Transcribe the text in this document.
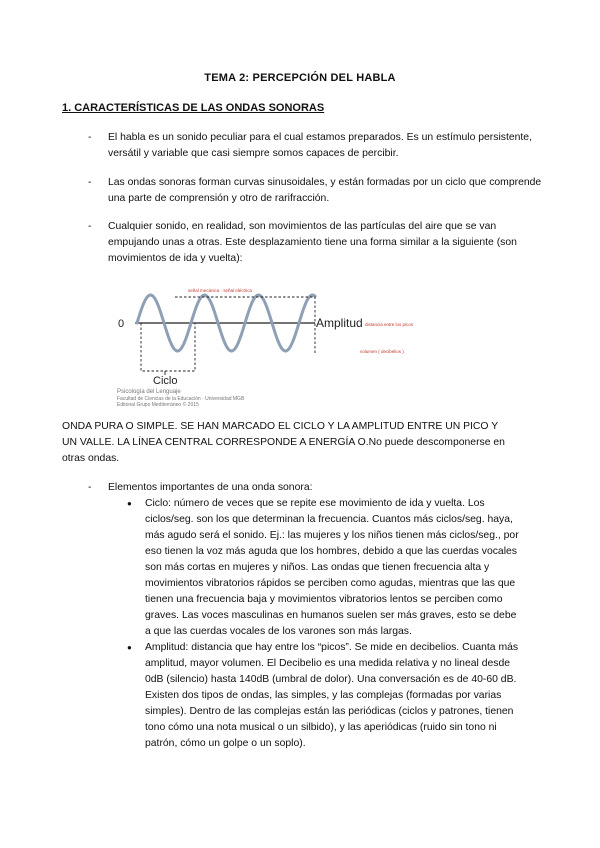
TEMA 2: PERCEPCIÓN DEL HABLA
1. CARACTERÍSTICAS DE LAS ONDAS SONORAS
- El habla es un sonido peculiar para el cual estamos preparados. Es un estímulo persistente, versátil y variable que casi siempre somos capaces de percibir.
- Las ondas sonoras forman curvas sinusoidales, y están formadas por un ciclo que comprende una parte de comprensión y otro de rarifracción.
- Cualquier sonido, en realidad, son movimientos de las partículas del aire que se van empujando unas a otras. Este desplazamiento tiene una forma similar a la siguiente (son movimientos de ida y vuelta):
0	Amplitud distancia entre los picos
volumen ( decibelios )
señal mecánica · señal eléctrica
Ciclo
Psicología del Lenguaje
Facultad de Ciencias de la Educación · Universidad MGB
Editorial Grupo Mediterráneo © 2015
ONDA PURA O SIMPLE. SE HAN MARCADO EL CICLO Y LA AMPLITUD ENTRE UN PICO Y UN VALLE. LA LÍNEA CENTRAL CORRESPONDE A ENERGÍA O.No puede descomponerse en otras ondas.
- Elementos importantes de una onda sonora:
● Ciclo: número de veces que se repite ese movimiento de ida y vuelta. Los ciclos/seg. son los que determinan la frecuencia. Cuantos más ciclos/seg. haya, más agudo será el sonido. Ej.: las mujeres y los niños tienen más ciclos/seg., por eso tienen la voz más aguda que los hombres, debido a que las cuerdas vocales son más cortas en mujeres y niños. Las ondas que tienen frecuencia alta y movimientos vibratorios rápidos se perciben como agudas, mientras que las que tienen una frecuencia baja y movimientos vibratorios lentos se perciben como graves. Las voces masculinas en humanos suelen ser más graves, esto se debe a que las cuerdas vocales de los varones son más largas.
● Amplitud: distancia que hay entre los “picos”. Se mide en decibelios. Cuanta más amplitud, mayor volumen. El Decibelio es una medida relativa y no lineal desde 0dB (silencio) hasta 140dB (umbral de dolor). Una conversación es de 40-60 dB. Existen dos tipos de ondas, las simples, y las complejas (formadas por varias simples). Dentro de las complejas están las periódicas (ciclos y patrones, tienen tono cómo una nota musical o un silbido), y las aperiódicas (ruido sin tono ni patrón, cómo un golpe o un soplo).
